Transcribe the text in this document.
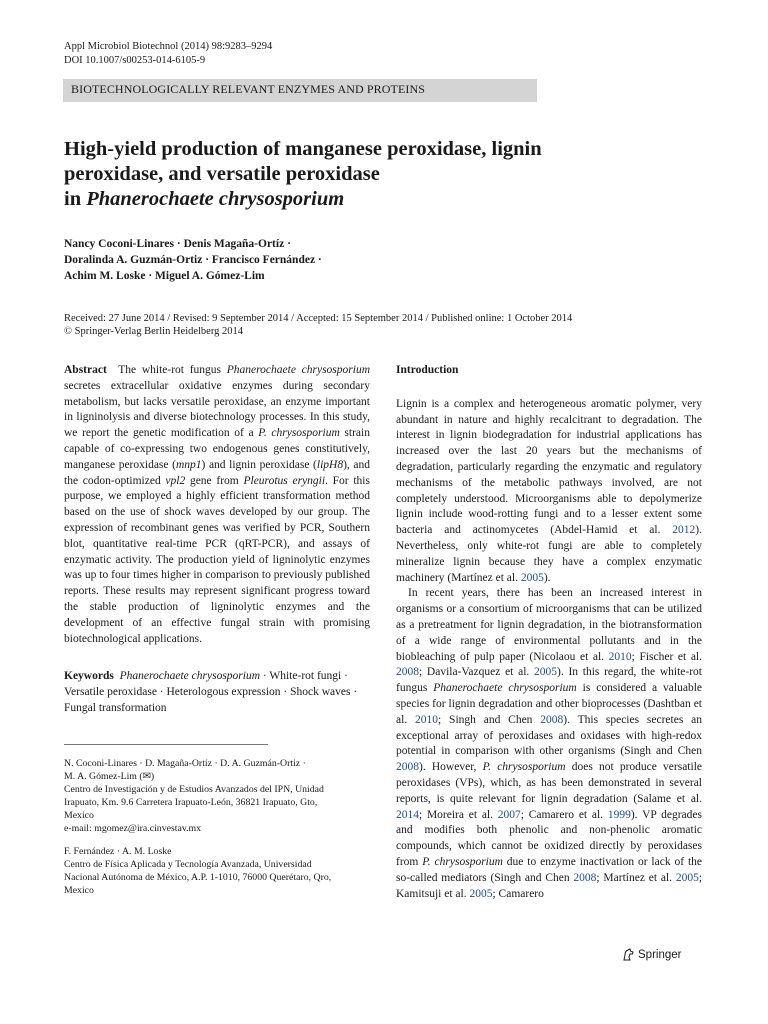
Appl Microbiol Biotechnol (2014) 98:9283–9294
DOI 10.1007/s00253-014-6105-9
BIOTECHNOLOGICALLY RELEVANT ENZYMES AND PROTEINS
High-yield production of manganese peroxidase, lignin
peroxidase, and versatile peroxidase
in Phanerochaete chrysosporium
Nancy Coconi-Linares · Denis Magaña-Ortíz ·
Doralinda A. Guzmán-Ortiz · Francisco Fernández ·
Achim M. Loske · Miguel A. Gómez-Lim
Received: 27 June 2014 / Revised: 9 September 2014 / Accepted: 15 September 2014 / Published online: 1 October 2014
© Springer-Verlag Berlin Heidelberg 2014

Abstract The white-rot fungus Phanerochaete chrysosporium secretes extracellular oxidative enzymes during secondary metabolism, but lacks versatile peroxidase, an enzyme important in ligninolysis and diverse biotechnology processes. In this study, we report the genetic modification of a P. chrysosporium strain capable of co-expressing two endogenous genes constitutively, manganese peroxidase (mnp1) and lignin peroxidase (lipH8), and the codon-optimized vpl2 gene from Pleurotus eryngii. For this purpose, we employed a highly efficient transformation method based on the use of shock waves developed by our group. The expression of recombinant genes was verified by PCR, Southern blot, quantitative real-time PCR (qRT-PCR), and assays of enzymatic activity. The production yield of ligninolytic enzymes was up to four times higher in comparison to previously published reports. These results may represent significant progress toward the stable production of ligninolytic enzymes and the development of an effective fungal strain with promising biotechnological applications.

Keywords Phanerochaete chrysosporium · White-rot fungi · Versatile peroxidase · Heterologous expression · Shock waves · Fungal transformation

N. Coconi-Linares · D. Magaña-Ortíz · D. A. Guzmán-Ortiz ·

M. A. Gómez-Lim (✉)

Centro de Investigación y de Estudios Avanzados del IPN, Unidad

Irapuato, Km. 9.6 Carretera Irapuato-León, 36821 Irapuato, Gto,

Mexico

e-mail: mgomez@ira.cinvestav.mx

F. Fernández · A. M. Loske

Centro de Física Aplicada y Tecnología Avanzada, Universidad

Nacional Autónoma de México, A.P. 1-1010, 76000 Querétaro, Qro,

Mexico

Introduction

Lignin is a complex and heterogeneous aromatic polymer, very abundant in nature and highly recalcitrant to degradation. The interest in lignin biodegradation for industrial applications has increased over the last 20 years but the mechanisms of degradation, particularly regarding the enzymatic and regulatory mechanisms of the metabolic pathways involved, are not completely understood. Microorganisms able to depolymerize lignin include wood-rotting fungi and to a lesser extent some bacteria and actinomycetes (Abdel-Hamid et al. 2012). Nevertheless, only white-rot fungi are able to completely mineralize lignin because they have a complex enzymatic machinery (Martínez et al. 2005).

In recent years, there has been an increased interest in organisms or a consortium of microorganisms that can be utilized as a pretreatment for lignin degradation, in the biotransformation of a wide range of environmental pollutants and in the biobleaching of pulp paper (Nicolaou et al. 2010; Fischer et al. 2008; Davila-Vazquez et al. 2005). In this regard, the white-rot fungus Phanerochaete chrysosporium is considered a valuable species for lignin degradation and other bioprocesses (Dashtban et al. 2010; Singh and Chen 2008). This species secretes an exceptional array of peroxidases and oxidases with high-redox potential in comparison with other organisms (Singh and Chen 2008). However, P. chrysosporium does not produce versatile peroxidases (VPs), which, as has been demonstrated in several reports, is quite relevant for lignin degradation (Salame et al. 2014; Moreira et al. 2007; Camarero et al. 1999). VP degrades and modifies both phenolic and non-phenolic aromatic compounds, which cannot be oxidized directly by peroxidases from P. chrysosporium due to enzyme inactivation or lack of the so-called mediators (Singh and Chen 2008; Martínez et al. 2005; Kamitsuji et al. 2005; Camarero

Springer
